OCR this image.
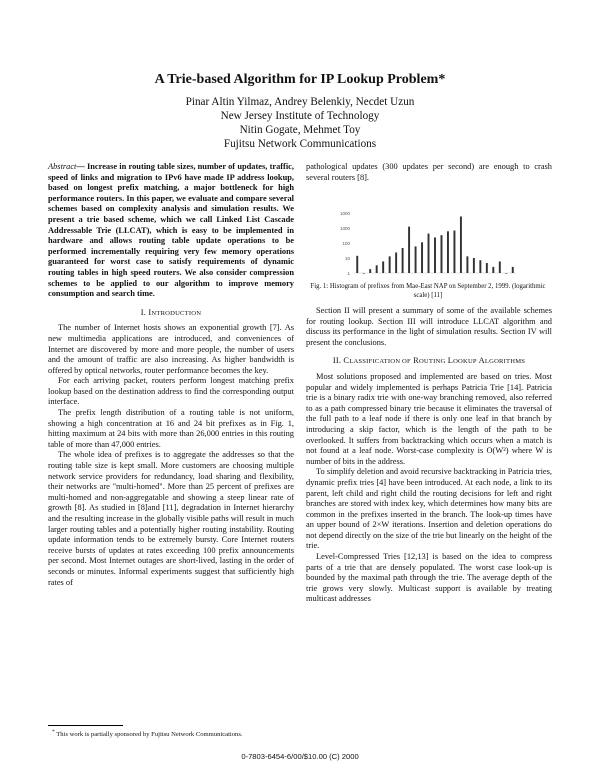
A Trie-based Algorithm for IP Lookup Problem*
Pinar Altin Yilmaz, Andrey Belenkiy, Necdet Uzun
New Jersey Institute of Technology
Nitin Gogate, Mehmet Toy
Fujitsu Network Communications

Abstract— Increase in routing table sizes, number of updates, traffic, speed of links and migration to IPv6 have made IP address lookup, based on longest prefix matching, a major bottleneck for high performance routers. In this paper, we evaluate and compare several schemes based on complexity analysis and simulation results. We present a trie based scheme, which we call Linked List Cascade Addressable Trie (LLCAT), which is easy to be implemented in hardware and allows routing table update operations to be performed incrementally requiring very few memory operations guaranteed for worst case to satisfy requirements of dynamic routing tables in high speed routers. We also consider compression schemes to be applied to our algorithm to improve memory consumption and search time.

I. INTRODUCTION

The number of Internet hosts shows an exponential growth [7]. As new multimedia applications are introduced, and conveniences of Internet are discovered by more and more people, the number of users and the amount of traffic are also increasing. As higher bandwidth is offered by optical networks, router performance becomes the key.

For each arriving packet, routers perform longest matching prefix lookup based on the destination address to find the corresponding output interface.

The prefix length distribution of a routing table is not uniform, showing a high concentration at 16 and 24 bit prefixes as in Fig. 1, hitting maximum at 24 bits with more than 26,000 entries in this routing table of more than 47,000 entries.

The whole idea of prefixes is to aggregate the addresses so that the routing table size is kept small. More customers are choosing multiple network service providers for redundancy, load sharing and flexibility, their networks are "multi-homed". More than 25 percent of prefixes are multi-homed and non-aggregatable and showing a steep linear rate of growth [8]. As studied in [8]and [11], degradation in Internet hierarchy and the resulting increase in the globally visible paths will result in much larger routing tables and a potentially higher routing instability. Routing update information tends to be extremely bursty. Core Internet routers receive bursts of updates at rates exceeding 100 prefix announcements per second. Most Internet outages are short-lived, lasting in the order of seconds or minutes. Informal experiments suggest that sufficiently high rates of

* This work is partially sponsored by Fujitsu Network Communications.

pathological updates (300 updates per second) are enough to crash several routers [8].

1000
1000
100
10
1
Fig. 1: Histogram of prefixes from Mae-East NAP on September 2, 1999. (logarithmic scale) [11]

Section II will present a summary of some of the available schemes for routing lookup. Section III will introduce LLCAT algorithm and discuss its performance in the light of simulation results. Section IV will present the conclusions.

II. CLASSIFICATION OF ROUTING LOOKUP ALGORITHMS

Most solutions proposed and implemented are based on tries. Most popular and widely implemented is perhaps Patricia Trie [14]. Patricia trie is a binary radix trie with one-way branching removed, also referred to as a path compressed binary trie because it eliminates the traversal of the full path to a leaf node if there is only one leaf in that branch by introducing a skip factor, which is the length of the path to be overlooked. It suffers from backtracking which occurs when a match is not found at a leaf node. Worst-case complexity is O(W²) where W is number of bits in the address.

To simplify deletion and avoid recursive backtracking in Patricia tries, dynamic prefix tries [4] have been introduced. At each node, a link to its parent, left child and right child the routing decisions for left and right branches are stored with index key, which determines how many bits are common in the prefixes inserted in the branch. The look-up times have an upper bound of 2×W iterations. Insertion and deletion operations do not depend directly on the size of the trie but linearly on the height of the trie.

Level-Compressed Tries [12,13] is based on the idea to compress parts of a trie that are densely populated. The worst case look-up is bounded by the maximal path through the trie. The average depth of the trie grows very slowly. Multicast support is available by treating multicast addresses

0-7803-6454-6/00/$10.00 (C) 2000
